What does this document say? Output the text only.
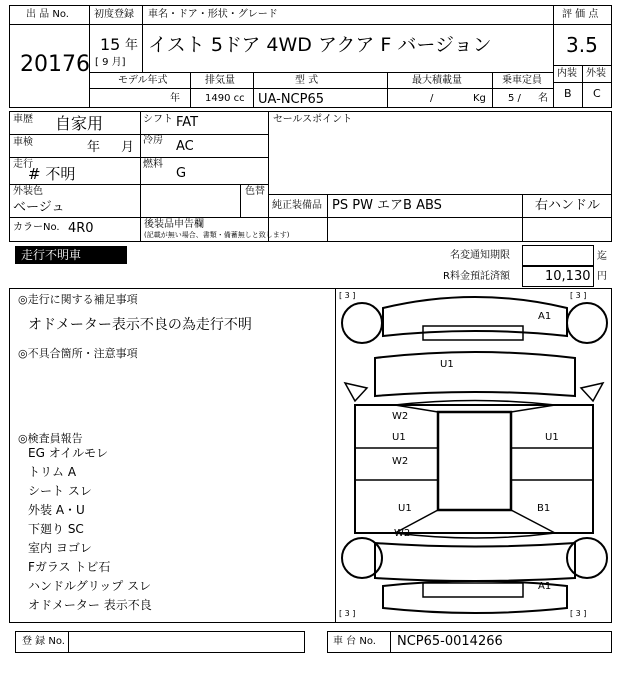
出 品 No.
20176
初度登録 車名・ドア・形状・グレード
15 年
[ 9 月]
イスト 5ドア 4WD アクア F バージョン
評 価 点
3.5
内装 外装
B C
モデル年式	排気量	型 式	最大積載量	乗車定員
年	1490 cc UA-NCP65	/	Kg 5 / 名
車歴 自家用	シフト FAT
車検	年 月 冷房 AC
走行
# 不明
燃料
G
外装色
ベージュ
色替
カラーNo. 4R0	後装品申告欄
(記載が無い場合、書類・備蓄無しと致します)
セールスポイント
純正装備品 PS PW エアB ABS	右ハンドル
走行不明車	名変通知期限	迄
R料金預託済額	10,130 円
◎走行に関する補足事項
オドメーター表示不良の為走行不明
◎不具合箇所・注意事項
◎検査員報告
EG オイルモレ
トリム A
シート スレ
外装 A・U
下廻り SC
室内 ヨゴレ
Fガラス トビ石
ハンドルグリップ スレ
オドメーター 表示不良
[ 3 ]	[ 3 ]
[ 3 ]	[ 3 ]
A1
U1
W2
U1	U1
W2
U1	B1
W2
A1
登 録 No.	車 台 No. NCP65-0014266
